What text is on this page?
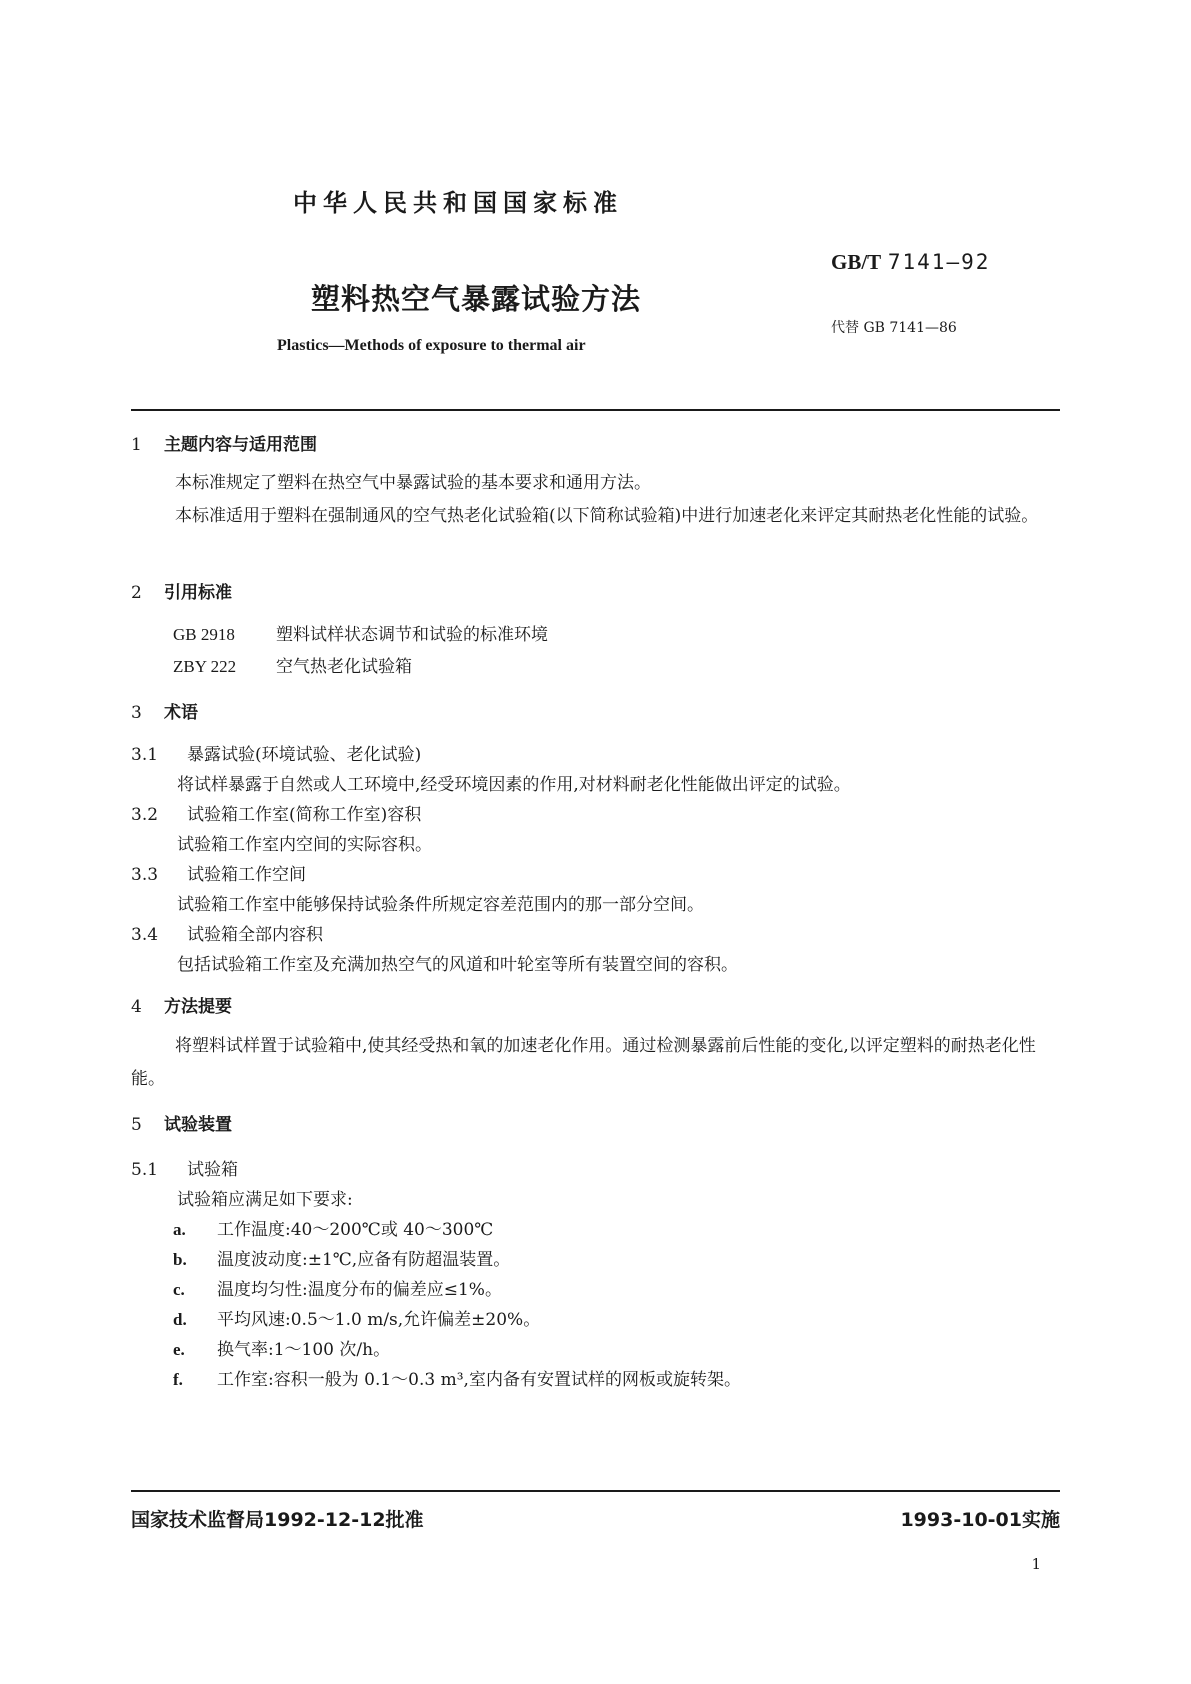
中华人民共和国国家标准
GB/T 7141—92
塑料热空气暴露试验方法
代替 GB 7141—86
Plastics—Methods of exposure to thermal air
1 主题内容与适用范围
本标准规定了塑料在热空气中暴露试验的基本要求和通用方法。
本标准适用于塑料在强制通风的空气热老化试验箱(以下简称试验箱)中进行加速老化来评定其耐热老化性能的试验。
2 引用标准
GB 2918 塑料试样状态调节和试验的标准环境
ZBY 222 空气热老化试验箱
3 术语
3.1 暴露试验(环境试验、老化试验)
将试样暴露于自然或人工环境中,经受环境因素的作用,对材料耐老化性能做出评定的试验。
3.2 试验箱工作室(简称工作室)容积
试验箱工作室内空间的实际容积。
3.3 试验箱工作空间
试验箱工作室中能够保持试验条件所规定容差范围内的那一部分空间。
3.4 试验箱全部内容积
包括试验箱工作室及充满加热空气的风道和叶轮室等所有装置空间的容积。
4 方法提要
将塑料试样置于试验箱中,使其经受热和氧的加速老化作用。通过检测暴露前后性能的变化,以评定塑料的耐热老化性能。
5 试验装置
5.1 试验箱
试验箱应满足如下要求:
a. 工作温度:40～200℃或 40～300℃
b. 温度波动度:±1℃,应备有防超温装置。
c. 温度均匀性:温度分布的偏差应≤1%。
d. 平均风速:0.5～1.0 m/s,允许偏差±20%。
e. 换气率:1～100 次/h。
f. 工作室:容积一般为 0.1～0.3 m³,室内备有安置试样的网板或旋转架。
国家技术监督局1992-12-12批准	1993-10-01实施
1
